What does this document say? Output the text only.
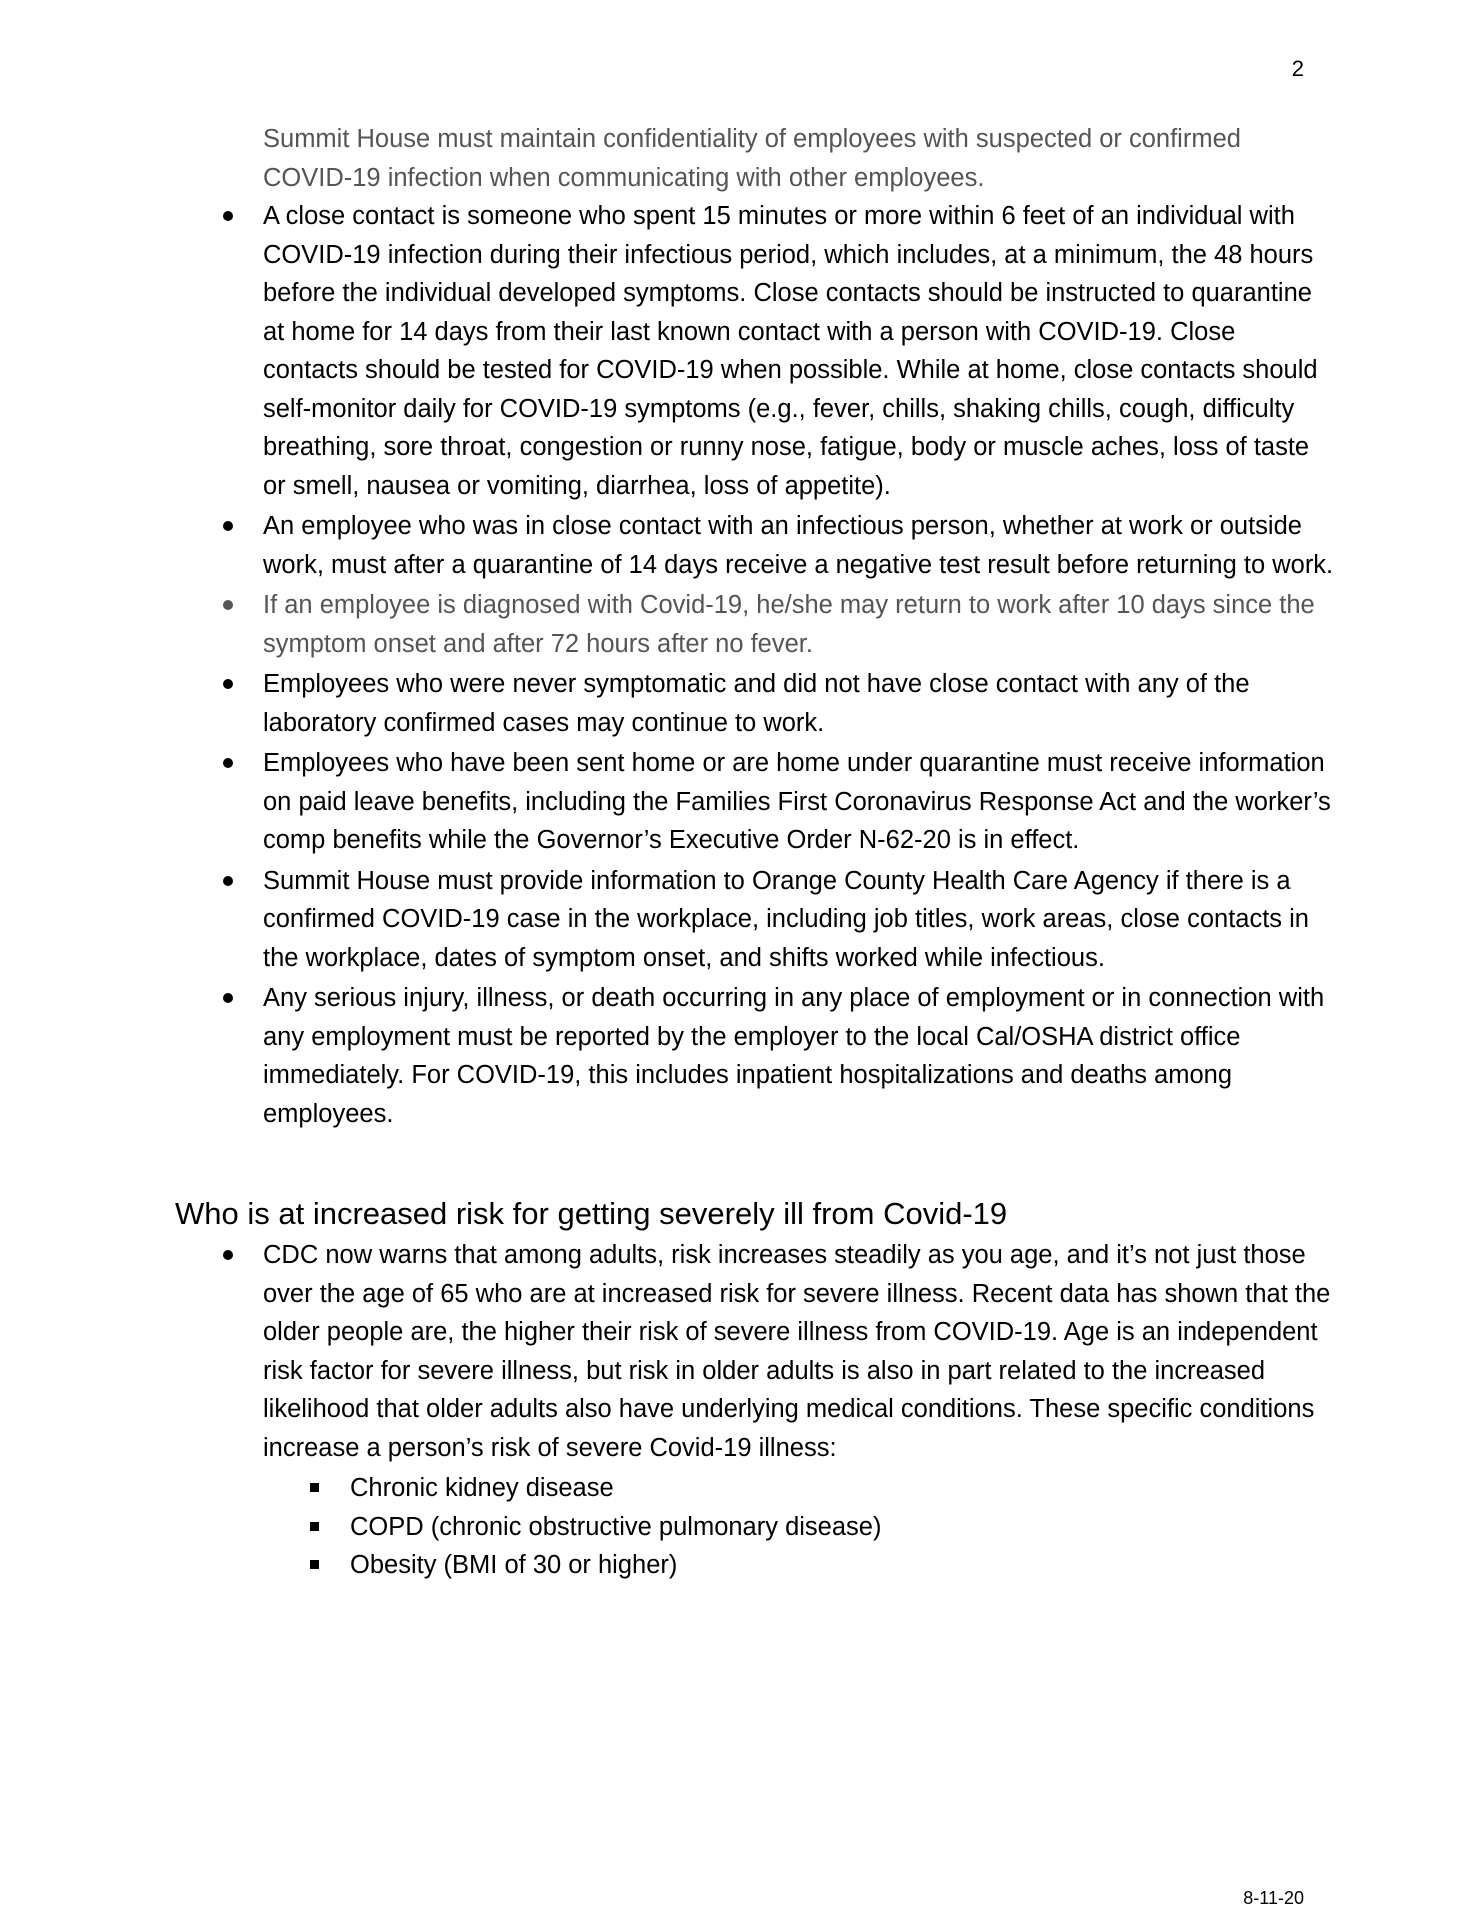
2
Summit House must maintain confidentiality of employees with suspected or confirmed COVID-19 infection when communicating with other employees.
A close contact is someone who spent 15 minutes or more within 6 feet of an individual with COVID-19 infection during their infectious period, which includes, at a minimum, the 48 hours before the individual developed symptoms. Close contacts should be instructed to quarantine at home for 14 days from their last known contact with a person with COVID-19. Close contacts should be tested for COVID-19 when possible. While at home, close contacts should self-monitor daily for COVID-19 symptoms (e.g., fever, chills, shaking chills, cough, difficulty breathing, sore throat, congestion or runny nose, fatigue, body or muscle aches, loss of taste or smell, nausea or vomiting, diarrhea, loss of appetite).
An employee who was in close contact with an infectious person, whether at work or outside work, must after a quarantine of 14 days receive a negative test result before returning to work.
If an employee is diagnosed with Covid-19, he/she may return to work after 10 days since the symptom onset and after 72 hours after no fever.
Employees who were never symptomatic and did not have close contact with any of the laboratory confirmed cases may continue to work.
Employees who have been sent home or are home under quarantine must receive information on paid leave benefits, including the Families First Coronavirus Response Act and the worker’s comp benefits while the Governor’s Executive Order N-62-20 is in effect.
Summit House must provide information to Orange County Health Care Agency if there is a confirmed COVID-19 case in the workplace, including job titles, work areas, close contacts in the workplace, dates of symptom onset, and shifts worked while infectious.
Any serious injury, illness, or death occurring in any place of employment or in connection with any employment must be reported by the employer to the local Cal/OSHA district office immediately. For COVID-19, this includes inpatient hospitalizations and deaths among employees.
Who is at increased risk for getting severely ill from Covid-19
CDC now warns that among adults, risk increases steadily as you age, and it’s not just those over the age of 65 who are at increased risk for severe illness. Recent data has shown that the older people are, the higher their risk of severe illness from COVID-19. Age is an independent risk factor for severe illness, but risk in older adults is also in part related to the increased likelihood that older adults also have underlying medical conditions. These specific conditions increase a person’s risk of severe Covid-19 illness:
Chronic kidney disease
COPD (chronic obstructive pulmonary disease)
Obesity (BMI of 30 or higher)
8-11-20
